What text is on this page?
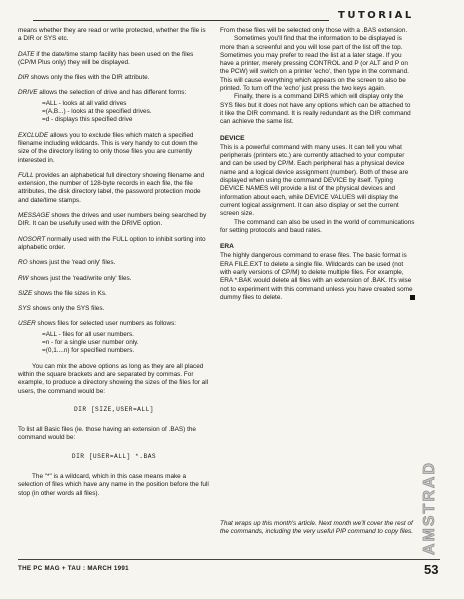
TUTORIAL

means whether they are read or write protected, whether the file is a DIR or SYS etc.

DATE if the date/time stamp facility has been used on the files (CP/M Plus only) they will be displayed.

DIR shows only the files with the DIR attribute.

DRIVE allows the selection of drive and has different forms:

=ALL - looks at all valid drives

=(A,B...) - looks at the specified drives.

=d - displays this specified drive

EXCLUDE allows you to exclude files which match a specified filename including wildcards. This is very handy to cut down the size of the directory listing to only those files you are currently interested in.

FULL provides an alphabetical full directory showing filename and extension, the number of 128-byte records in each file, the file attributes, the disk directory label, the password protection mode and date/time stamps.

MESSAGE shows the drives and user numbers being searched by DIR. It can be usefully used with the DRIVE option.

NOSORT normally used with the FULL option to inhibit sorting into alphabetic order.

RO shows just the 'read only' files.

RW shows just the 'read/write only' files.

SIZE shows the file sizes in Ks.

SYS shows only the SYS files.

USER shows files for selected user numbers as follows:

=ALL - files for all user numbers.

=n - for a single user number only.

=(0,1....n) for specified numbers.

You can mix the above options as long as they are all placed within the square brackets and are separated by commas. For example, to produce a directory showing the sizes of the files for all users, the command would be:

DIR [SIZE,USER=ALL]

To list all Basic files (ie. those having an extension of .BAS) the command would be:

DIR [USER=ALL] *.BAS

The "*" is a wildcard, which in this case means make a selection of files which have any name in the position before the full stop (in other words all files).

From these files will be selected only those with a .BAS extension.

Sometimes you'll find that the information to be displayed is more than a screenful and you will lose part of the list off the top. Sometimes you may prefer to read the list at a later stage. If you have a printer, merely pressing CONTROL and P (or ALT and P on the PCW) will switch on a printer 'echo', then type in the command. This will cause everything which appears on the screen to also be printed. To turn off the 'echo' just press the two keys again.

Finally, there is a command DIRS which will display only the SYS files but it does not have any options which can be attached to it like the DIR command. It is really redundant as the DIR command can achieve the same list.

DEVICE

This is a powerful command with many uses. It can tell you what peripherals (printers etc.) are currently attached to your computer and can be used by CP/M. Each peripheral has a physical device name and a logical device assignment (number). Both of these are displayed when using the command DEVICE by itself. Typing DEVICE NAMES will provide a list of the physical devices and information about each, while DEVICE VALUES will display the current logical assignment. It can also display or set the current screen size.

The command can also be used in the world of communications for setting protocols and baud rates.

ERA

The highly dangerous command to erase files. The basic format is ERA FILE.EXT to delete a single file. Wildcards can be used (not with early versions of CP/M) to delete multiple files. For example, ERA *.BAK would delete all files with an extension of .BAK. It's wise not to experiment with this command unless you have created some dummy files to delete.

That wraps up this month's article. Next month we'll cover the rest of the commands, including the very useful PIP command to copy files. AMSTRAD
THE PC MAG + TAU : MARCH 1991	53
